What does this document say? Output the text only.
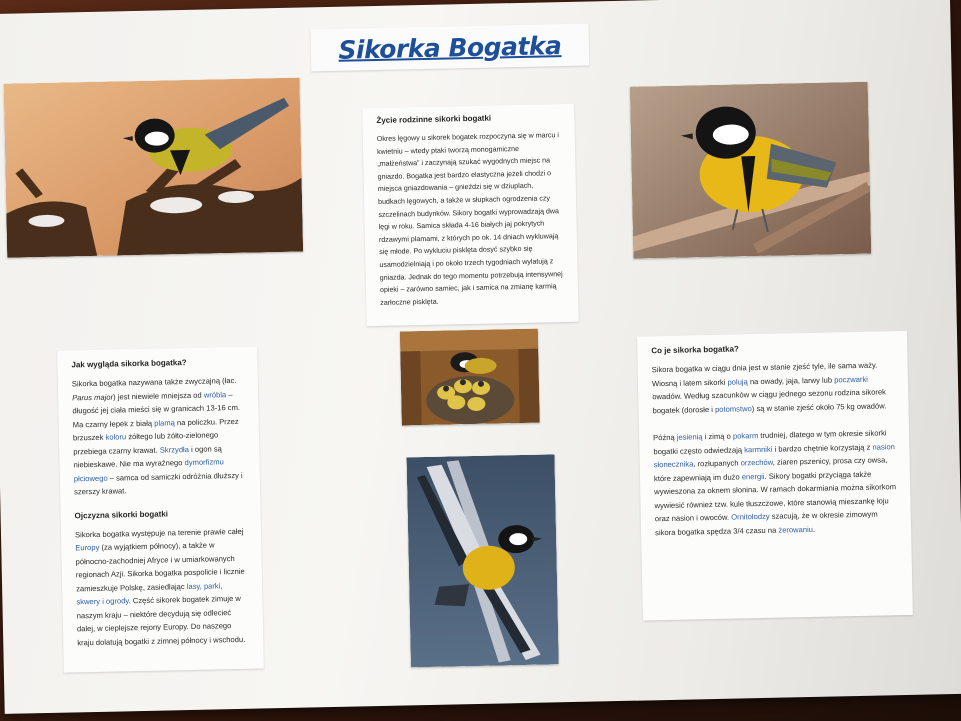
Sikorka Bogatka
Życie rodzinne sikorki bogatki
Okres lęgowy u sikorek bogatek rozpoczyna się w marcu i kwietniu – wtedy ptaki tworzą monogamiczne „małżeństwa” i zaczynają szukać wygodnych miejsc na gniazdo. Bogatka jest bardzo elastyczna jeżeli chodzi o miejsca gniazdowania – gnieździ się w dziuplach, budkach lęgowych, a także w słupkach ogrodzenia czy szczelinach budynków. Sikory bogatki wyprowadzają dwa lęgi w roku. Samica składa 4-16 białych jaj pokrytych rdzawymi plamami, z których po ok. 14 dniach wykluwają się młode. Po wykluciu pisklęta dosyć szybko się usamodzielniają i po około trzech tygodniach wylatują z gniazda. Jednak do tego momentu potrzebują intensywnej opieki – zarówno samiec, jak i samica na zmianę karmią żarłoczne pisklęta.
Jak wygląda sikorka bogatka?

Sikorka bogatka nazywana także zwyczajną (łac. Parus major) jest niewiele mniejsza od wróbla – długość jej ciała mieści się w granicach 13-16 cm. Ma czarny łepek z białą plamą na policzku. Przez brzuszek koloru żółtego lub żółto-zielonego przebiega czarny krawat. Skrzydła i ogon są niebieskawe. Nie ma wyraźnego dymorfizmu płciowego – samca od samiczki odróżnia dłuższy i szerszy krawat.

Ojczyzna sikorki bogatki

Sikorka bogatka występuje na terenie prawie całej Europy (za wyjątkiem północy), a także w północno-zachodniej Afryce i w umiarkowanych regionach Azji. Sikorka bogatka pospolicie i licznie zamieszkuje Polskę, zasiedlając lasy, parki, skwery i ogrody. Część sikorek bogatek zimuje w naszym kraju – niektóre decydują się odlecieć dalej, w cieplejsze rejony Europy. Do naszego kraju dolatują bogatki z zimnej północy i wschodu.

Co je sikorka bogatka?

Sikora bogatka w ciągu dnia jest w stanie zjeść tyle, ile sama waży. Wiosną i latem sikorki polują na owady, jaja, larwy lub poczwarki owadów. Według szacunków w ciągu jednego sezonu rodzina sikorek bogatek (dorosłe i potomstwo) są w stanie zjeść około 75 kg owadów.

Późną jesienią i zimą o pokarm trudniej, dlatego w tym okresie sikorki bogatki często odwiedzają karmniki i bardzo chętnie korzystają z nasion słonecznika, rozłupanych orzechów, ziaren pszenicy, prosa czy owsa, które zapewniają im dużo energii. Sikory bogatki przyciąga także wywieszona za oknem słonina. W ramach dokarmiania można sikorkom wywiesić również tzw. kule tłuszczowe, które stanowią mieszankę łoju oraz nasion i owoców. Ornitolodzy szacują, że w okresie zimowym sikora bogatka spędza 3/4 czasu na żerowaniu.
